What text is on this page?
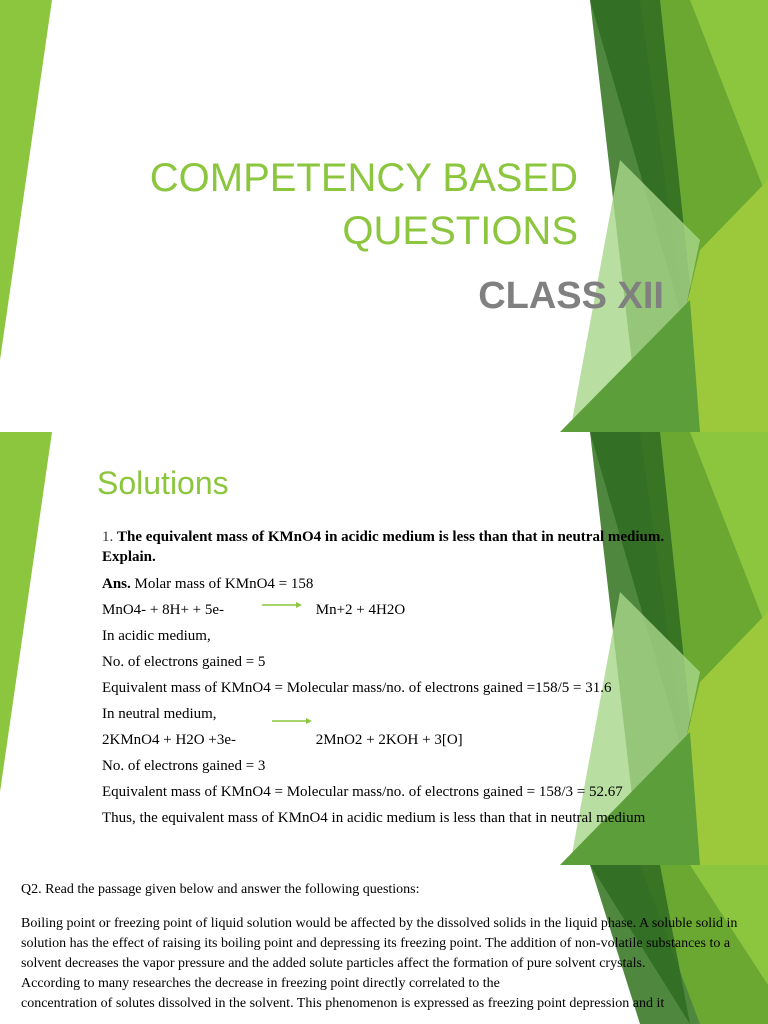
COMPETENCY BASED
QUESTIONS
CLASS XII
Solutions
1. The equivalent mass of KMnO4 in acidic medium is less than that in neutral medium. Explain.
Ans. Molar mass of KMnO4 = 158
MnO4- + 8H+ + 5e-	Mn+2 + 4H2O
In acidic medium,
No. of electrons gained = 5
Equivalent mass of KMnO4 = Molecular mass/no. of electrons gained =158/5 = 31.6
In neutral medium,
2KMnO4 + H2O +3e-	2MnO2 + 2KOH + 3[O]
No. of electrons gained = 3
Equivalent mass of KMnO4 = Molecular mass/no. of electrons gained = 158/3 = 52.67
Thus, the equivalent mass of KMnO4 in acidic medium is less than that in neutral medium

Q2. Read the passage given below and answer the following questions:

Boiling point or freezing point of liquid solution would be affected by the dissolved solids in the liquid phase. A soluble solid in solution has the effect of raising its boiling point and depressing its freezing point. The addition of non-volatile substances to a solvent decreases the vapor pressure and the added solute particles affect the formation of pure solvent crystals.

According to many researches the decrease in freezing point directly correlated to the

concentration of solutes dissolved in the solvent. This phenomenon is expressed as freezing point depression and it
